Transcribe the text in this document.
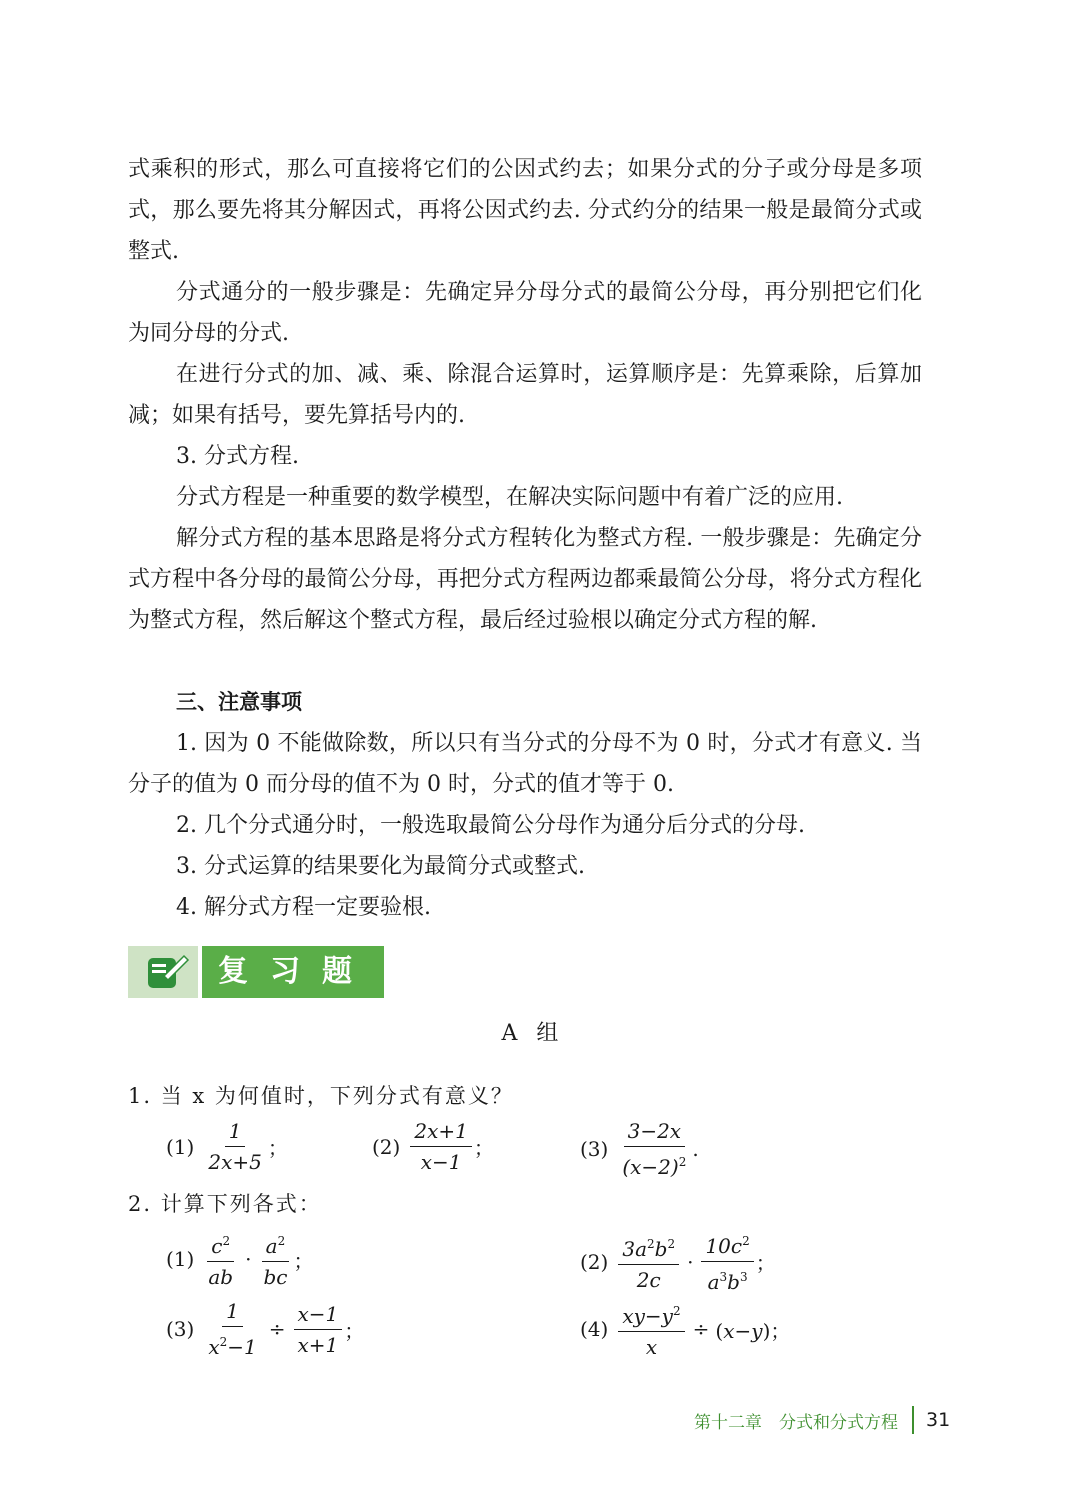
式乘积的形式，那么可直接将它们的公因式约去；如果分式的分子或分母是多项式，那么要先将其分解因式，再将公因式约去. 分式约分的结果一般是最简分式或整式.

分式通分的一般步骤是：先确定异分母分式的最简公分母，再分别把它们化为同分母的分式.

在进行分式的加、减、乘、除混合运算时，运算顺序是：先算乘除，后算加减；如果有括号，要先算括号内的.

3. 分式方程.

分式方程是一种重要的数学模型，在解决实际问题中有着广泛的应用.

解分式方程的基本思路是将分式方程转化为整式方程. 一般步骤是：先确定分式方程中各分母的最简公分母，再把分式方程两边都乘最简公分母，将分式方程化为整式方程，然后解这个整式方程，最后经过验根以确定分式方程的解.

三、注意事项

1. 因为 0 不能做除数，所以只有当分式的分母不为 0 时，分式才有意义. 当分子的值为 0 而分母的值不为 0 时，分式的值才等于 0.

2. 几个分式通分时，一般选取最简公分母作为通分后分式的分母.
3. 分式运算的结果要化为最简分式或整式.
4. 解分式方程一定要验根.
复习题
A 组
1. 当 x 为何值时，下列分式有意义？
$(1) \frac{1}{2x+5}$ ；	$(2) \frac{2x+1}{x-1}$ ；	$(3) \frac{3-2x}{(x-2)^2}$ .
2. 计算下列各式：
$(1) \frac{c^2}{ab} \cdot \frac{a^2}{bc}$ ；	$(2) \frac{3a^2b^2}{2c} \cdot \frac{10c^2}{a^3b^3}$ ；
$(3) \frac{1}{x^2-1} \div \frac{x-1}{x+1}$ ；	$(4) \frac{xy-y^2}{x} \div (x-y)$；
第十二章　分式和分式方程 31
